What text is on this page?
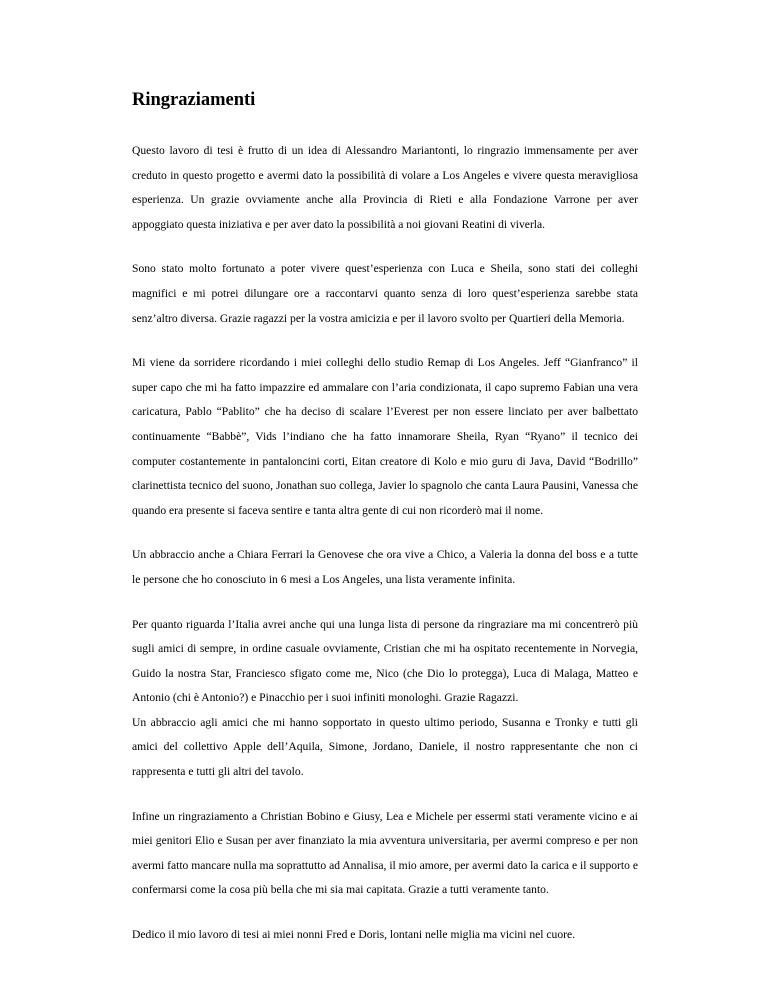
Ringraziamenti

Questo lavoro di tesi è frutto di un idea di Alessandro Mariantonti, lo ringrazio immensamente per aver creduto in questo progetto e avermi dato la possibilità di volare a Los Angeles e vivere questa meravigliosa esperienza. Un grazie ovviamente anche alla Provincia di Rieti e alla Fondazione Varrone per aver appoggiato questa iniziativa e per aver dato la possibilità a noi giovani Reatini di viverla.

Sono stato molto fortunato a poter vivere quest’esperienza con Luca e Sheila, sono stati dei colleghi magnifici e mi potrei dilungare ore a raccontarvi quanto senza di loro quest’esperienza sarebbe stata senz’altro diversa. Grazie ragazzi per la vostra amicizia e per il lavoro svolto per Quartieri della Memoria.

Mi viene da sorridere ricordando i miei colleghi dello studio Remap di Los Angeles. Jeff “Gianfranco” il super capo che mi ha fatto impazzire ed ammalare con l’aria condizionata, il capo supremo Fabian una vera caricatura, Pablo “Pablito” che ha deciso di scalare l’Everest per non essere linciato per aver balbettato continuamente “Babbè”, Vids l’indiano che ha fatto innamorare Sheila, Ryan “Ryano” il tecnico dei computer costantemente in pantaloncini corti, Eitan creatore di Kolo e mio guru di Java, David “Bodrillo” clarinettista tecnico del suono, Jonathan suo collega, Javier lo spagnolo che canta Laura Pausini, Vanessa che quando era presente si faceva sentire e tanta altra gente di cui non ricorderò mai il nome.

Un abbraccio anche a Chiara Ferrari la Genovese che ora vive a Chico, a Valeria la donna del boss e a tutte le persone che ho conosciuto in 6 mesi a Los Angeles, una lista veramente infinita.

Per quanto riguarda l’Italia avrei anche qui una lunga lista di persone da ringraziare ma mi concentrerò più sugli amici di sempre, in ordine casuale ovviamente, Cristian che mi ha ospitato recentemente in Norvegia, Guido la nostra Star, Franciesco sfigato come me, Nico (che Dio lo protegga), Luca di Malaga, Matteo e Antonio (chi è Antonio?) e Pinacchio per i suoi infiniti monologhi. Grazie Ragazzi.

Un abbraccio agli amici che mi hanno sopportato in questo ultimo periodo, Susanna e Tronky e tutti gli amici del collettivo Apple dell’Aquila, Simone, Jordano, Daniele, il nostro rappresentante che non ci rappresenta e tutti gli altri del tavolo.

Infine un ringraziamento a Christian Bobino e Giusy, Lea e Michele per essermi stati veramente vicino e ai miei genitori Elio e Susan per aver finanziato la mia avventura universitaria, per avermi compreso e per non avermi fatto mancare nulla ma soprattutto ad Annalisa, il mio amore, per avermi dato la carica e il supporto e confermarsi come la cosa più bella che mi sia mai capitata. Grazie a tutti veramente tanto.

Dedico il mio lavoro di tesi ai miei nonni Fred e Doris, lontani nelle miglia ma vicini nel cuore.
